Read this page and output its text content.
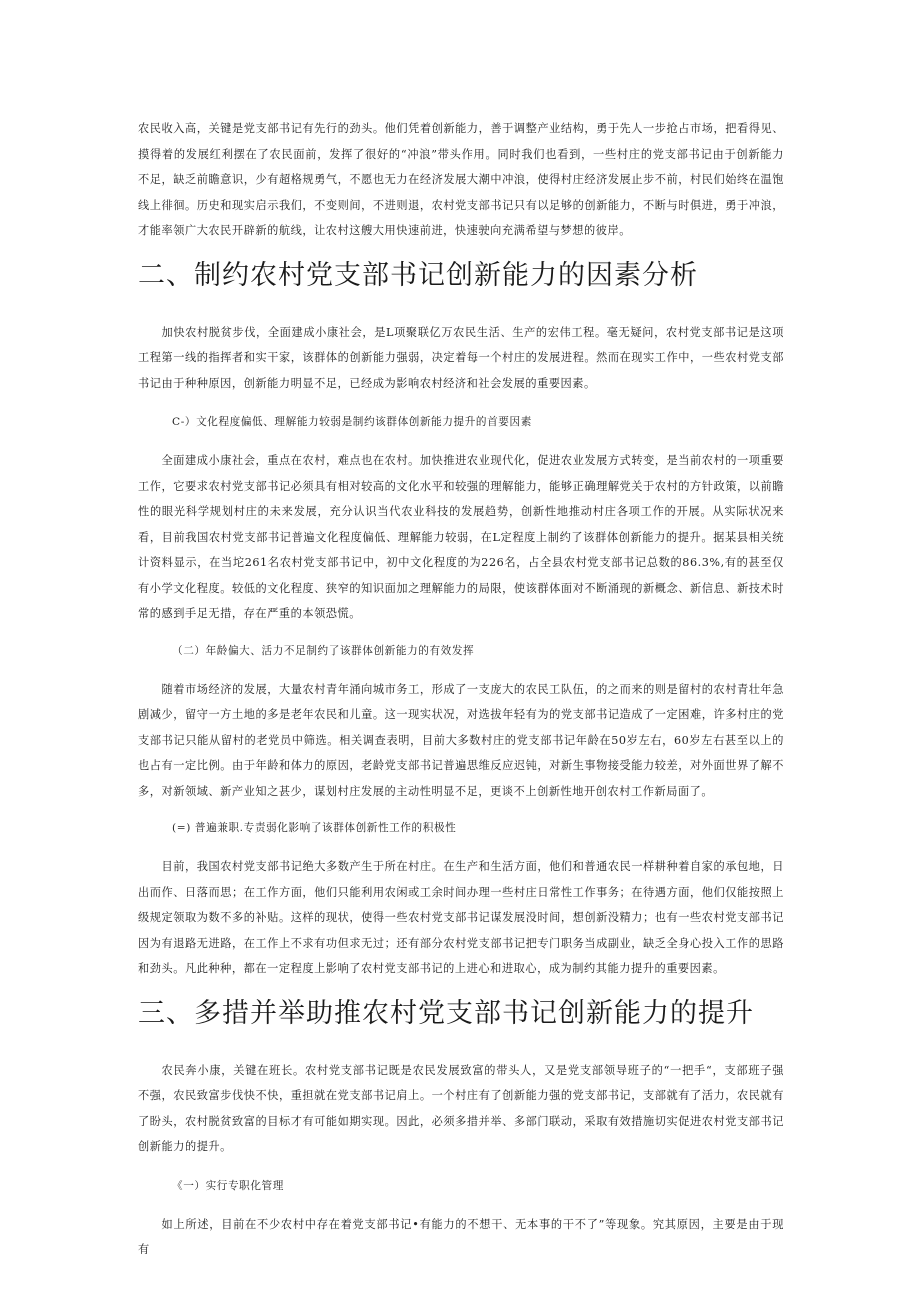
农民收入高，关键是党支部书记有先行的劲头。他们凭着创新能力，善于调整产业结构，勇于先人一步抢占市场，把看得见、摸得着的发展红利摆在了农民面前，发挥了很好的“冲浪”带头作用。同时我们也看到，一些村庄的党支部书记由于创新能力不足，缺乏前瞻意识，少有超格规勇气，不愿也无力在经济发展大潮中冲浪，使得村庄经济发展止步不前，村民们始终在温饱线上徘徊。历史和现实启示我们，不变则间，不进则退，农村党支部书记只有以足够的创新能力，不断与时俱进，勇于冲浪，才能率领广大农民开辟新的航线，让农村这艘大用快速前进，快速驶向充满希望与梦想的彼岸。

二、制约农村党支部书记创新能力的因素分析

加快农村脱贫步伐，全面建成小康社会，是L项聚联亿万农民生活、生产的宏伟工程。毫无疑问，农村党支部书记是这项工程第一线的指挥者和实干家，该群体的创新能力强弱，决定着每一个村庄的发展进程。然而在现实工作中，一些农村党支部书记由于种种原因，创新能力明显不足，已经成为影响农村经济和社会发展的重要因素。

C-）文化程度偏低、理解能力较弱是制约该群体创新能力提升的首要因素

全面建成小康社会，重点在农村，难点也在农村。加快推进农业现代化，促进农业发展方式转变，是当前农村的一项重要工作，它要求农村党支部书记必须具有相对较高的文化水平和较强的理解能力，能够正确理解党关于农村的方针政策，以前瞻性的眼光科学规划村庄的未来发展，充分认识当代农业科技的发展趋势，创新性地推动村庄各项工作的开展。从实际状况来看，目前我国农村党支部书记普遍文化程度偏低、理解能力较弱，在L定程度上制约了该群体创新能力的提升。据某县相关统计资料显示，在当坨261名农村党支部书记中，初中文化程度的为226名，占全县农村党支部书记总数的86.3%,有的甚至仅有小学文化程度。较低的文化程度、狭窄的知识面加之理解能力的局限，使该群体面对不断涌现的新概念、新信息、新技术时常的感到手足无措，存在严重的本领恐慌。

（二）年龄偏大、活力不足制约了该群体创新能力的有效发挥

随着市场经济的发展，大量农村青年涌向城市务工，形成了一支庞大的农民工队伍，的之而来的则是留村的农村青壮年急剧减少，留守一方土地的多是老年农民和儿童。这一现实状况，对选拔年轻有为的党支部书记造成了一定困难，许多村庄的党支部书记只能从留村的老党员中筛选。相关调查表明，目前大多数村庄的党支部书记年龄在50岁左右，60岁左右甚至以上的也占有一定比例。由于年龄和体力的原因，老龄党支部书记普遍思维反应迟钝，对新生事物接受能力较差，对外面世界了解不多，对新领域、新产业知之甚少，谋划村庄发展的主动性明显不足，更谈不上创新性地开创农村工作新局面了。

(=) 普遍兼职.专责弱化影响了该群体创新性工作的积极性

目前，我国农村党支部书记绝大多数产生于所在村庄。在生产和生活方面，他们和普通农民一样耕种着自家的承包地，日出而作、日落而思；在工作方面，他们只能利用农闲或工余时间办理一些村庄日常性工作事务；在待遇方面，他们仅能按照上级规定领取为数不多的补贴。这样的现状，使得一些农村党支部书记谋发展没时间，想创新没精力；也有一些农村党支部书记因为有退路无进路，在工作上不求有功但求无过；还有部分农村党支部书记把专门职务当成副业，缺乏全身心投入工作的思路和劲头。凡此种种，都在一定程度上影响了农村党支部书记的上进心和进取心，成为制约其能力提升的重要因素。

三、多措并举助推农村党支部书记创新能力的提升

农民奔小康，关键在班长。农村党支部书记既是农民发展致富的带头人，又是党支部领导班子的“一把手“，支部班子强不强，农民致富步伐快不快，重担就在党支部书记肩上。一个村庄有了创新能力强的党支部书记，支部就有了活力，农民就有了盼头，农村脱贫致富的目标才有可能如期实现。因此，必须多措并举、多部门联动，采取有效措施切实促进农村党支部书记创新能力的提升。

《一）实行专职化管理

如上所述，目前在不少农村中存在着党支部书记•有能力的不想干、无本事的干不了”等现象。究其原因，主要是由于现有
